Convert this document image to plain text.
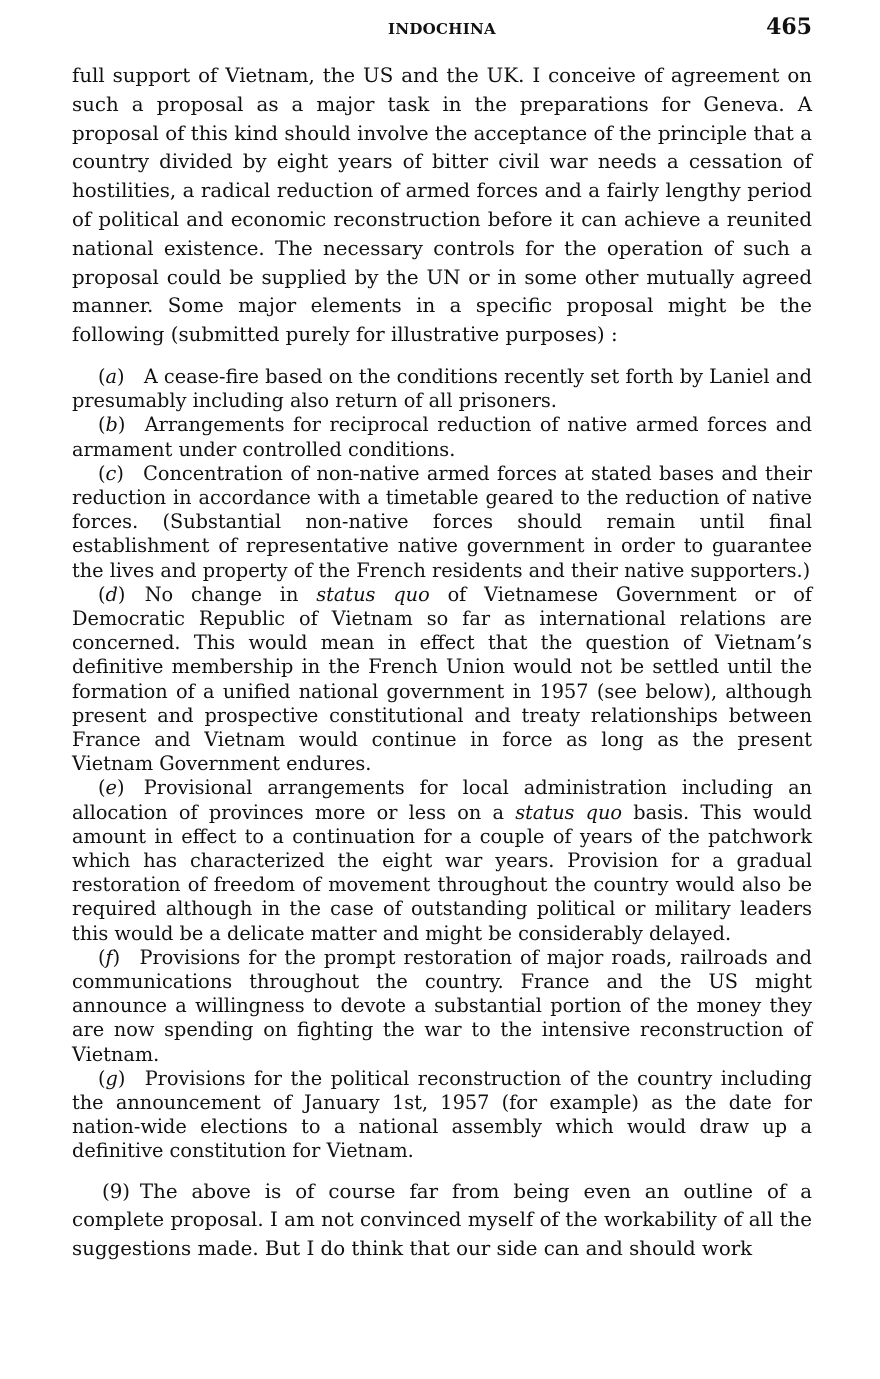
INDOCHINA	465

full support of Vietnam, the US and the UK. I conceive of agreement on such a proposal as a major task in the preparations for Geneva. A proposal of this kind should involve the acceptance of the principle that a country divided by eight years of bitter civil war needs a cessation of hostilities, a radical reduction of armed forces and a fairly lengthy period of political and economic reconstruction before it can achieve a reunited national existence. The necessary controls for the operation of such a proposal could be supplied by the UN or in some other mutually agreed manner. Some major elements in a specific proposal might be the following (submitted purely for illustrative purposes) :

(a) A cease-fire based on the conditions recently set forth by Laniel and presumably including also return of all prisoners.

(b) Arrangements for reciprocal reduction of native armed forces and armament under controlled conditions.

(c) Concentration of non-native armed forces at stated bases and their reduction in accordance with a timetable geared to the reduction of native forces. (Substantial non-native forces should remain until final establishment of representative native government in order to guarantee the lives and property of the French residents and their native supporters.)

(d) No change in status quo of Vietnamese Government or of Democratic Republic of Vietnam so far as international relations are concerned. This would mean in effect that the question of Vietnam’s definitive membership in the French Union would not be settled until the formation of a unified national government in 1957 (see below), although present and prospective constitutional and treaty relationships between France and Vietnam would continue in force as long as the present Vietnam Government endures.

(e) Provisional arrangements for local administration including an allocation of provinces more or less on a status quo basis. This would amount in effect to a continuation for a couple of years of the patchwork which has characterized the eight war years. Provision for a gradual restoration of freedom of movement throughout the country would also be required although in the case of outstanding political or military leaders this would be a delicate matter and might be considerably delayed.

(f) Provisions for the prompt restoration of major roads, railroads and communications throughout the country. France and the US might announce a willingness to devote a substantial portion of the money they are now spending on fighting the war to the intensive reconstruction of Vietnam.

(g) Provisions for the political reconstruction of the country including the announcement of January 1st, 1957 (for example) as the date for nation-wide elections to a national assembly which would draw up a definitive constitution for Vietnam.

(9)  The above is of course far from being even an outline of a complete proposal. I am not convinced myself of the workability of all the suggestions made. But I do think that our side can and should work
